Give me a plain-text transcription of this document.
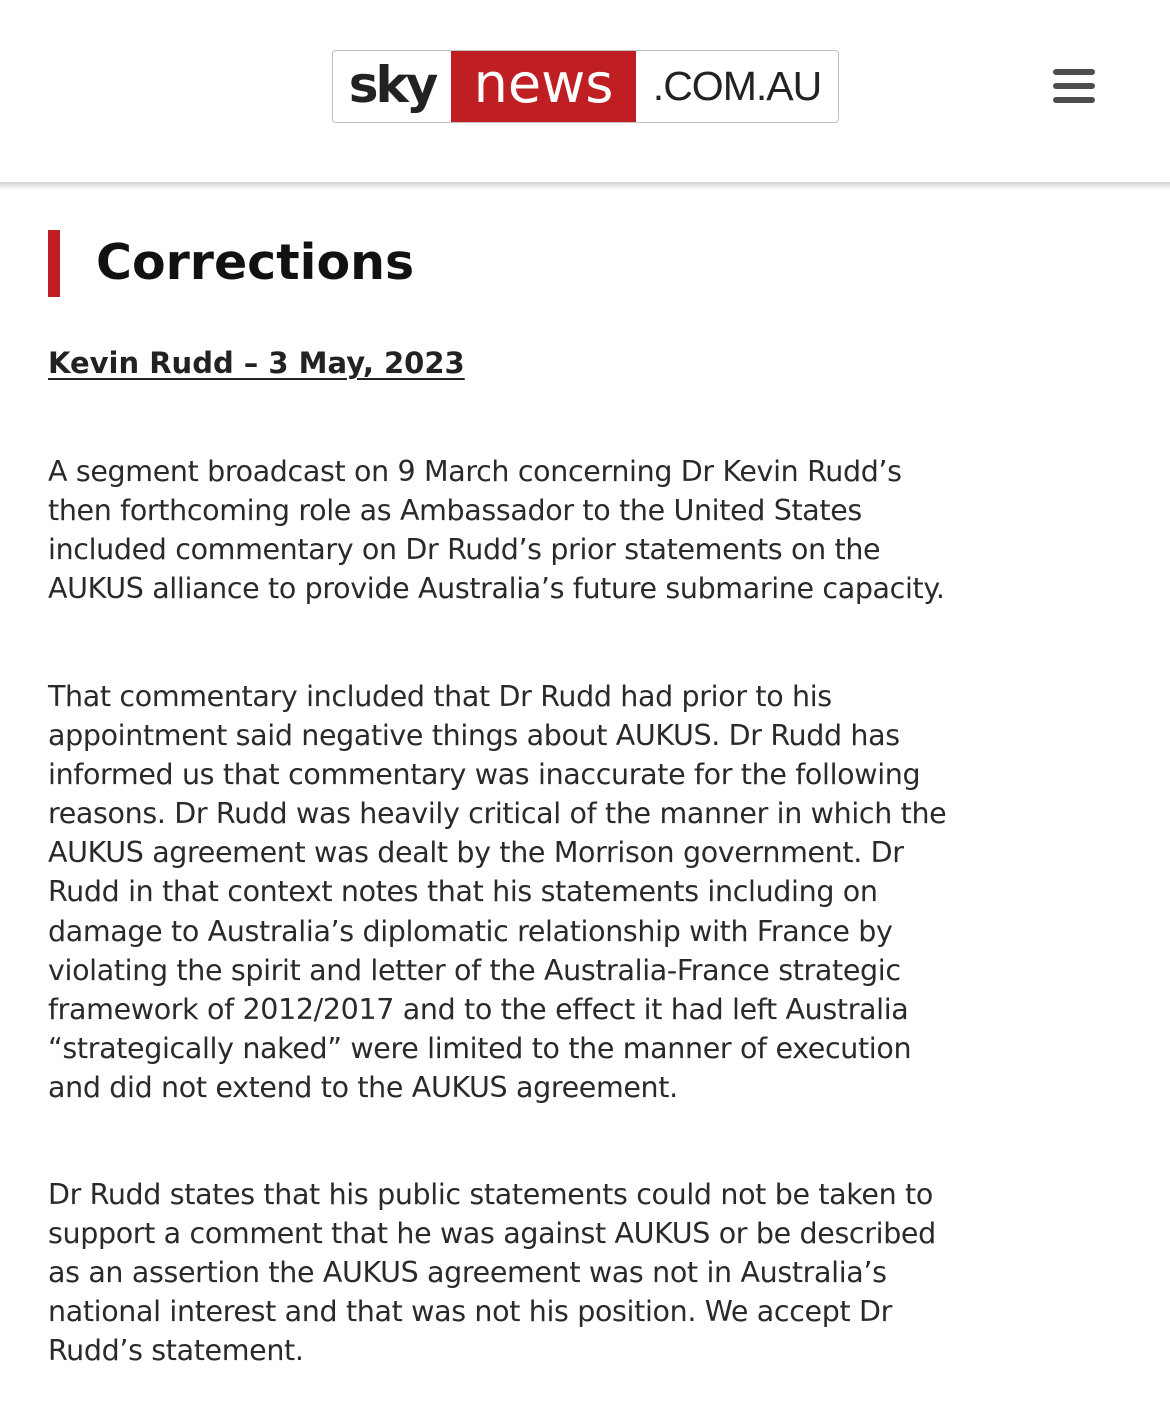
sky news .COM.AU
Corrections
Kevin Rudd – 3 May, 2023

A segment broadcast on 9 March concerning Dr Kevin Rudd’s
then forthcoming role as Ambassador to the United States
included commentary on Dr Rudd’s prior statements on the
AUKUS alliance to provide Australia’s future submarine capacity.

That commentary included that Dr Rudd had prior to his
appointment said negative things about AUKUS. Dr Rudd has
informed us that commentary was inaccurate for the following
reasons. Dr Rudd was heavily critical of the manner in which the
AUKUS agreement was dealt by the Morrison government. Dr
Rudd in that context notes that his statements including on
damage to Australia’s diplomatic relationship with France by
violating the spirit and letter of the Australia-France strategic
framework of 2012/2017 and to the effect it had left Australia
“strategically naked” were limited to the manner of execution
and did not extend to the AUKUS agreement.

Dr Rudd states that his public statements could not be taken to
support a comment that he was against AUKUS or be described
as an assertion the AUKUS agreement was not in Australia’s
national interest and that was not his position. We accept Dr
Rudd’s statement.
